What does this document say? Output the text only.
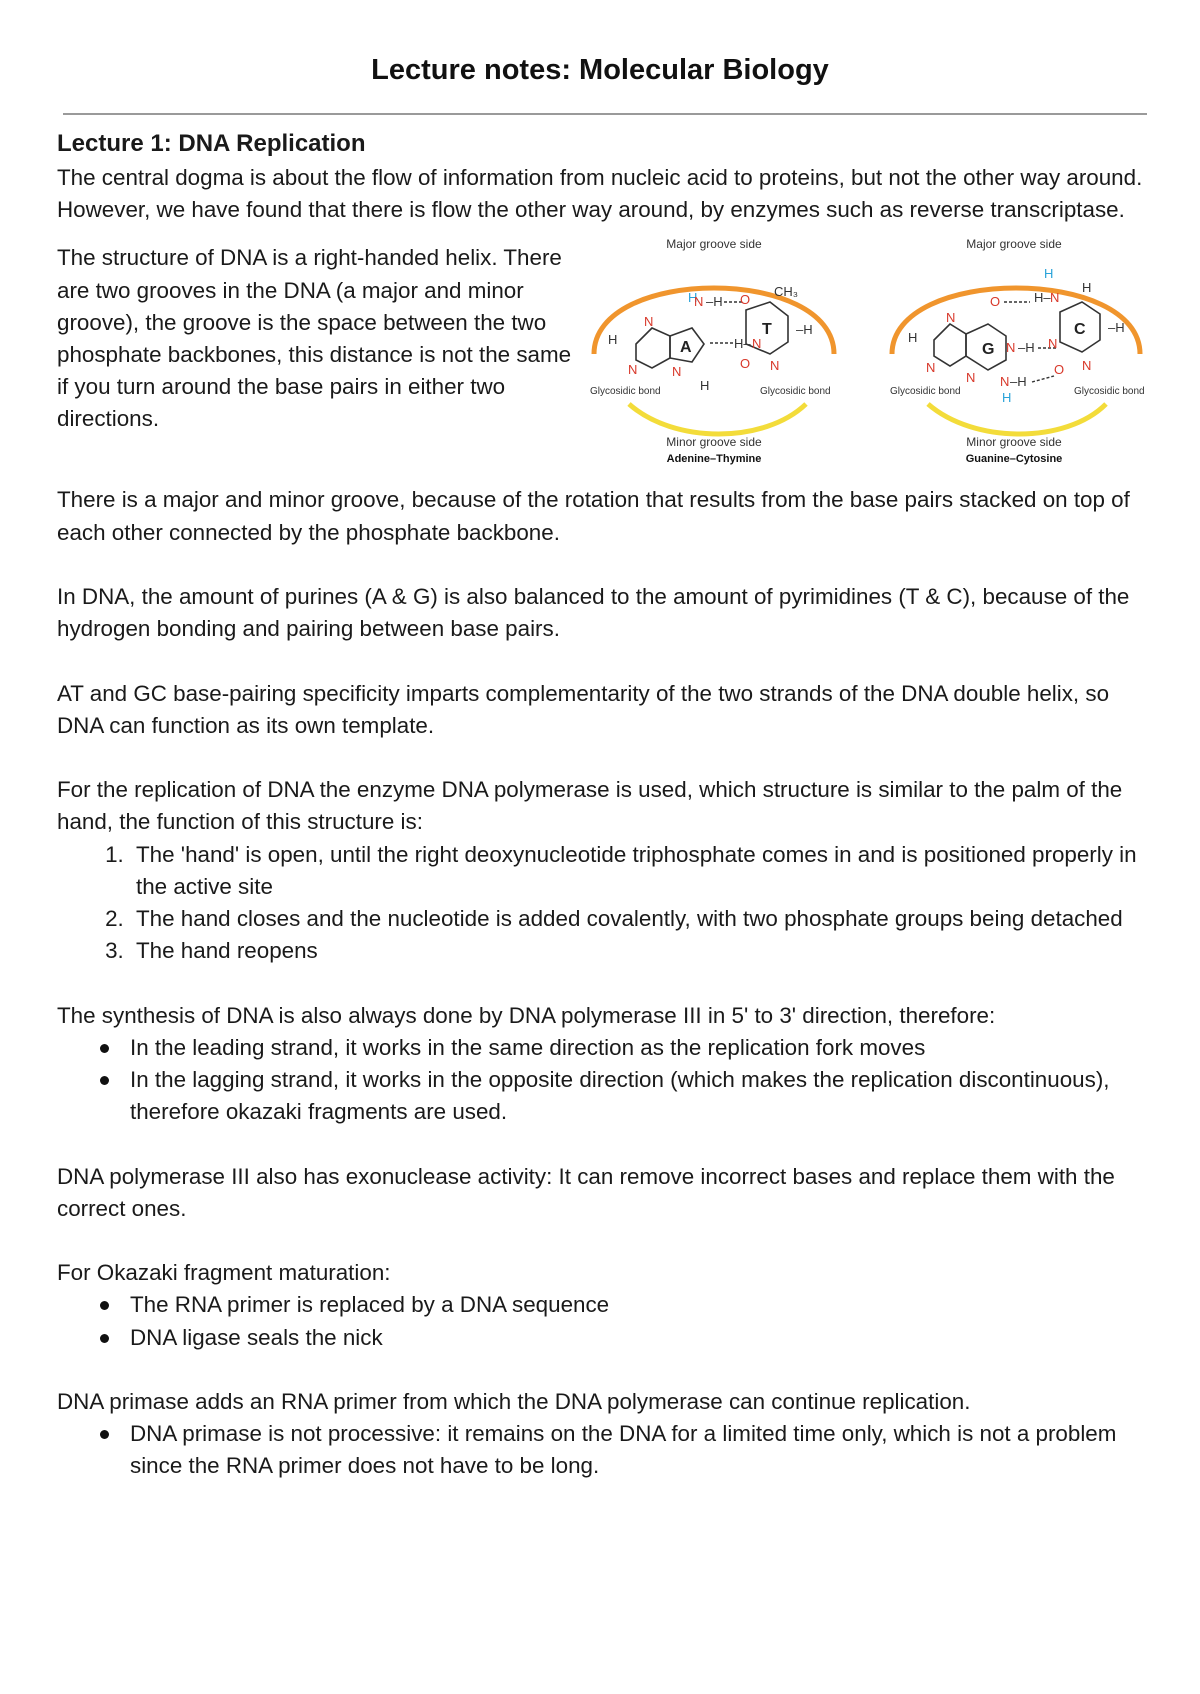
Lecture notes: Molecular Biology
Lecture 1: DNA Replication

The central dogma is about the flow of information from nucleic acid to proteins, but not the other way around. However, we have found that there is flow the other way around, by enzymes such as reverse transcriptase.

The structure of DNA is a right-handed helix. There are two grooves in the DNA (a major and minor groove), the groove is the space between the two phosphate backbones, this distance is not the same if you turn around the base pairs in either two directions.

Major groove side
Minor groove side
Adenine–Thymine
A
N
N	N
H
H
N –H
H
T
O
CH₃
H– N
–H
O N
Glycosidic bond	Glycosidic bond
Major groove side
Minor groove side
Guanine–Cytosine
G
N
H
N
N
O
N –H
N –H
H
C
H
H– N
H
N
–H
O N
Glycosidic bond	Glycosidic bond

There is a major and minor groove, because of the rotation that results from the base pairs stacked on top of each other connected by the phosphate backbone.

In DNA, the amount of purines (A & G) is also balanced to the amount of pyrimidines (T & C), because of the hydrogen bonding and pairing between base pairs.

AT and GC base-pairing specificity imparts complementarity of the two strands of the DNA double helix, so DNA can function as its own template.

For the replication of DNA the enzyme DNA polymerase is used, which structure is similar to the palm of the hand, the function of this structure is:

1. The 'hand' is open, until the right deoxynucleotide triphosphate comes in and is positioned properly in the active site
2. The hand closes and the nucleotide is added covalently, with two phosphate groups being detached
3. The hand reopens

The synthesis of DNA is also always done by DNA polymerase III in 5' to 3' direction, therefore:

In the leading strand, it works in the same direction as the replication fork moves
In the lagging strand, it works in the opposite direction (which makes the replication discontinuous), therefore okazaki fragments are used.

DNA polymerase III also has exonuclease activity: It can remove incorrect bases and replace them with the correct ones.

For Okazaki fragment maturation:

The RNA primer is replaced by a DNA sequence
DNA ligase seals the nick

DNA primase adds an RNA primer from which the DNA polymerase can continue replication.

DNA primase is not processive: it remains on the DNA for a limited time only, which is not a problem since the RNA primer does not have to be long.
